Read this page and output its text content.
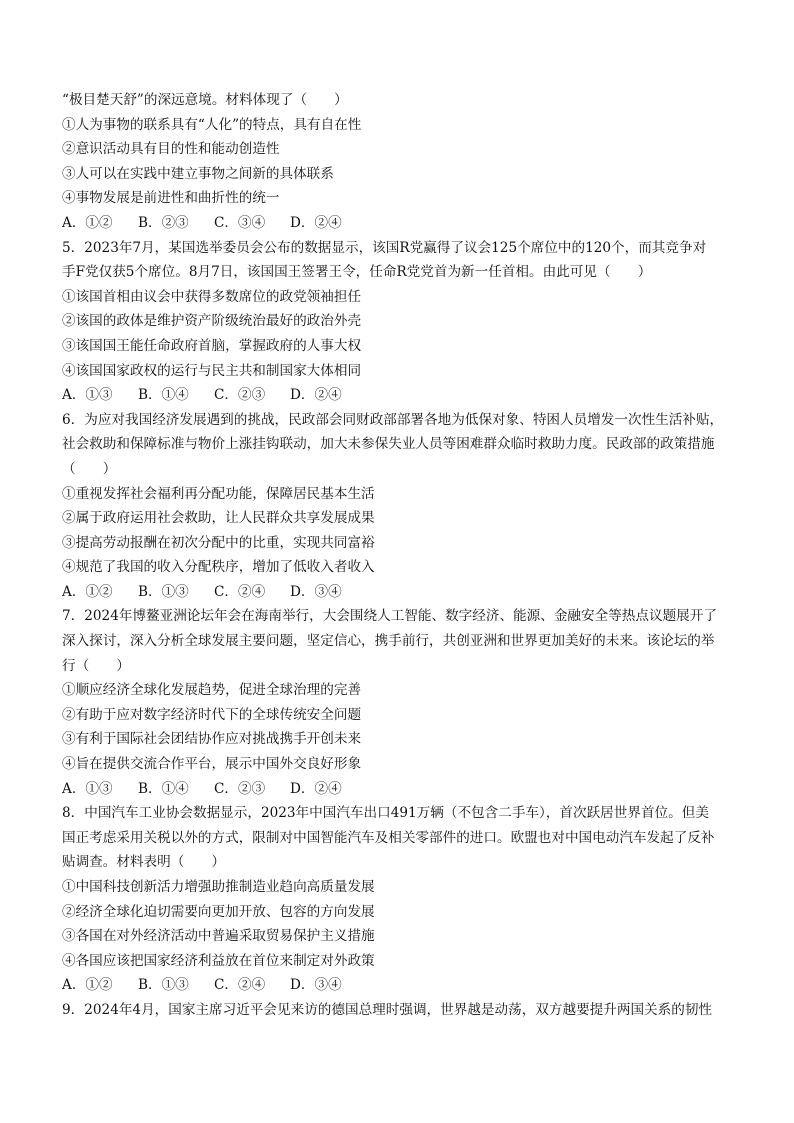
“极目楚天舒”的深远意境。材料体现了（　　）
①人为事物的联系具有“人化”的特点，具有自在性
②意识活动具有目的性和能动创造性
③人可以在实践中建立事物之间新的具体联系
④事物发展是前进性和曲折性的统一
A．①②	B．②③	C．③④	D．②④
5．2023年7月，某国选举委员会公布的数据显示，该国R党赢得了议会125个席位中的120个，而其竞争对
手F党仅获5个席位。8月7日，该国国王签署王令，任命R党党首为新一任首相。由此可见（　　）
①该国首相由议会中获得多数席位的政党领袖担任
②该国的政体是维护资产阶级统治最好的政治外壳
③该国国王能任命政府首脑，掌握政府的人事大权
④该国国家政权的运行与民主共和制国家大体相同
A．①③	B．①④	C．②③	D．②④
6．为应对我国经济发展遇到的挑战，民政部会同财政部部署各地为低保对象、特困人员增发一次性生活补贴，
社会救助和保障标准与物价上涨挂钩联动，加大未参保失业人员等困难群众临时救助力度。民政部的政策措施
（　　）
①重视发挥社会福利再分配功能，保障居民基本生活
②属于政府运用社会救助，让人民群众共享发展成果
③提高劳动报酬在初次分配中的比重，实现共同富裕
④规范了我国的收入分配秩序，增加了低收入者收入
A．①②	B．①③	C．②④	D．③④
7．2024年博鳌亚洲论坛年会在海南举行，大会围绕人工智能、数字经济、能源、金融安全等热点议题展开了
深入探讨，深入分析全球发展主要问题，坚定信心，携手前行，共创亚洲和世界更加美好的未来。该论坛的举
行（　　）
①顺应经济全球化发展趋势，促进全球治理的完善
②有助于应对数字经济时代下的全球传统安全问题
③有利于国际社会团结协作应对挑战携手开创未来
④旨在提供交流合作平台，展示中国外交良好形象
A．①③	B．①④	C．②③	D．②④
8．中国汽车工业协会数据显示，2023年中国汽车出口491万辆（不包含二手车），首次跃居世界首位。但美
国正考虑采用关税以外的方式，限制对中国智能汽车及相关零部件的进口。欧盟也对中国电动汽车发起了反补
贴调查。材料表明（　　）
①中国科技创新活力增强助推制造业趋向高质量发展
②经济全球化迫切需要向更加开放、包容的方向发展
③各国在对外经济活动中普遍采取贸易保护主义措施
④各国应该把国家经济利益放在首位来制定对外政策
A．①②	B．①③	C．②④	D．③④
9．2024年4月，国家主席习近平会见来访的德国总理时强调，世界越是动荡，双方越要提升两国关系的韧性
